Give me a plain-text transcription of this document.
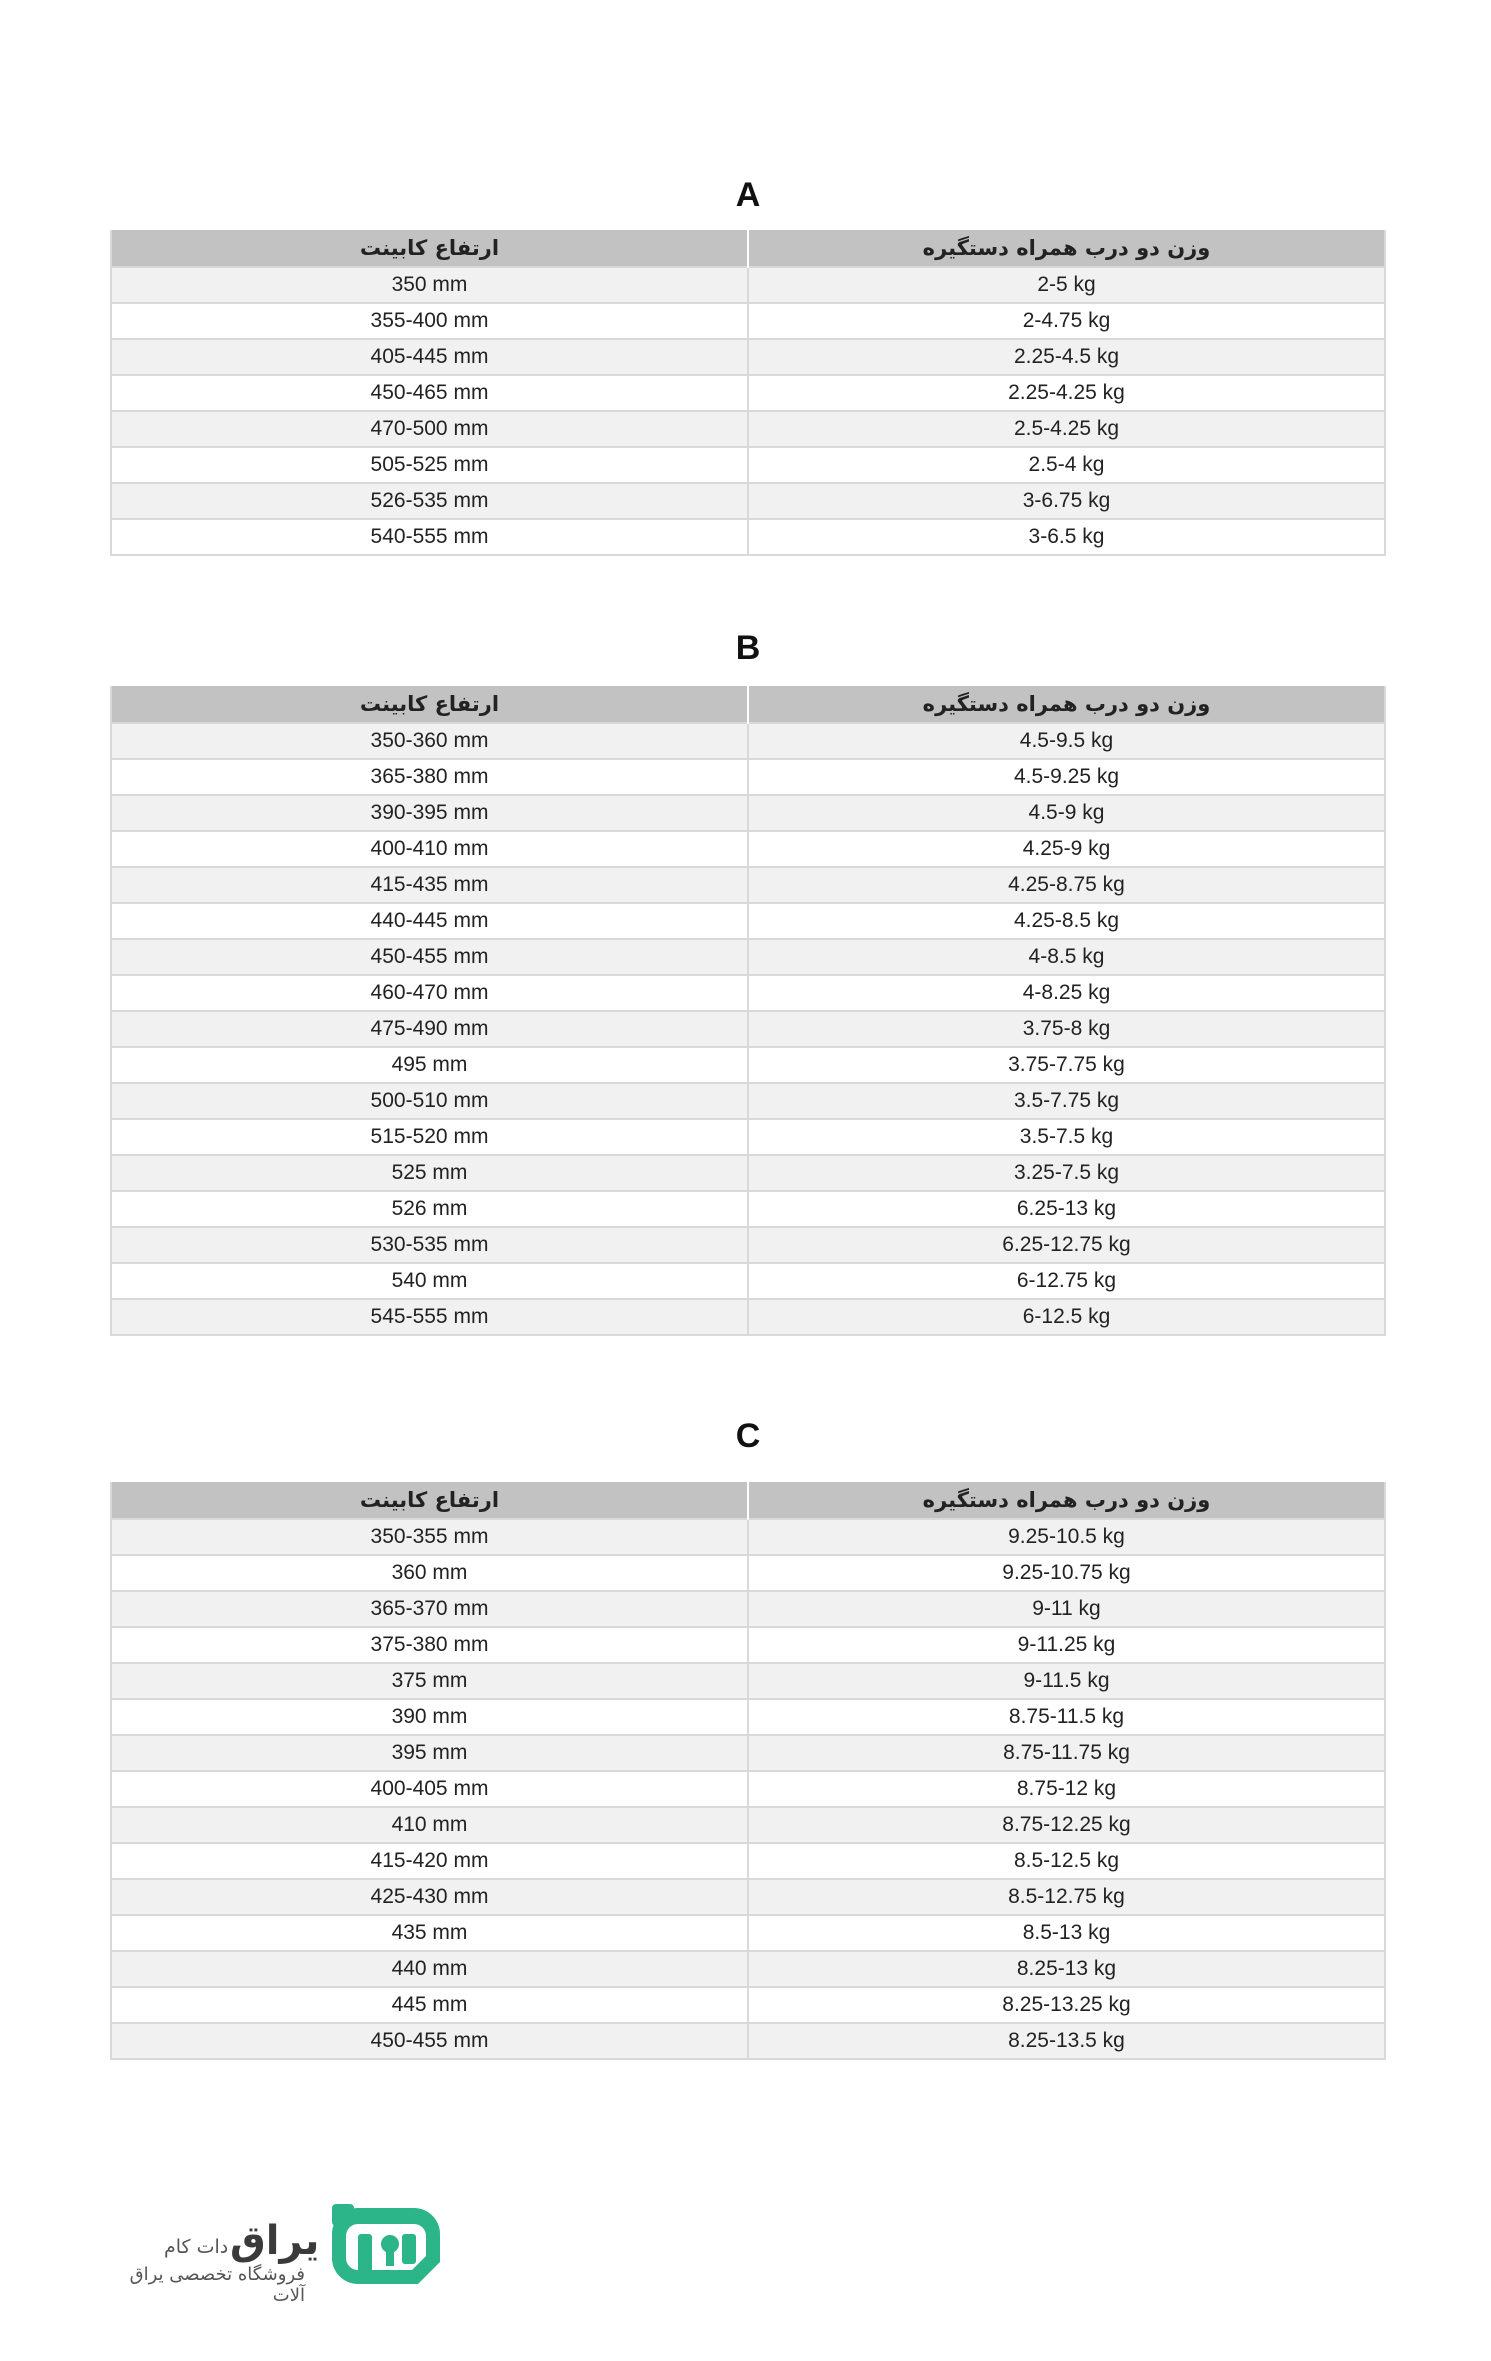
A
ارتفاع کابینت	وزن دو درب همراه دستگیره
350 mm	2-5 kg
355-400 mm	2-4.75 kg
405-445 mm	2.25-4.5 kg
450-465 mm	2.25-4.25 kg
470-500 mm	2.5-4.25 kg
505-525 mm	2.5-4 kg
526-535 mm	3-6.75 kg
540-555 mm	3-6.5 kg
B
ارتفاع کابینت	وزن دو درب همراه دستگیره
350-360 mm	4.5-9.5 kg
365-380 mm	4.5-9.25 kg
390-395 mm	4.5-9 kg
400-410 mm	4.25-9 kg
415-435 mm	4.25-8.75 kg
440-445 mm	4.25-8.5 kg
450-455 mm	4-8.5 kg
460-470 mm	4-8.25 kg
475-490 mm	3.75-8 kg
495 mm	3.75-7.75 kg
500-510 mm	3.5-7.75 kg
515-520 mm	3.5-7.5 kg
525 mm	3.25-7.5 kg
526 mm	6.25-13 kg
530-535 mm	6.25-12.75 kg
540 mm	6-12.75 kg
545-555 mm	6-12.5 kg
C
ارتفاع کابینت	وزن دو درب همراه دستگیره
350-355 mm	9.25-10.5 kg
360 mm	9.25-10.75 kg
365-370 mm	9-11 kg
375-380 mm	9-11.25 kg
375 mm	9-11.5 kg
390 mm	8.75-11.5 kg
395 mm	8.75-11.75 kg
400-405 mm	8.75-12 kg
410 mm	8.75-12.25 kg
415-420 mm	8.5-12.5 kg
425-430 mm	8.5-12.75 kg
435 mm	8.5-13 kg
440 mm	8.25-13 kg
445 mm	8.25-13.25 kg
450-455 mm	8.25-13.5 kg
یراق
دات کام
فروشگاه تخصصی یراق آلات
